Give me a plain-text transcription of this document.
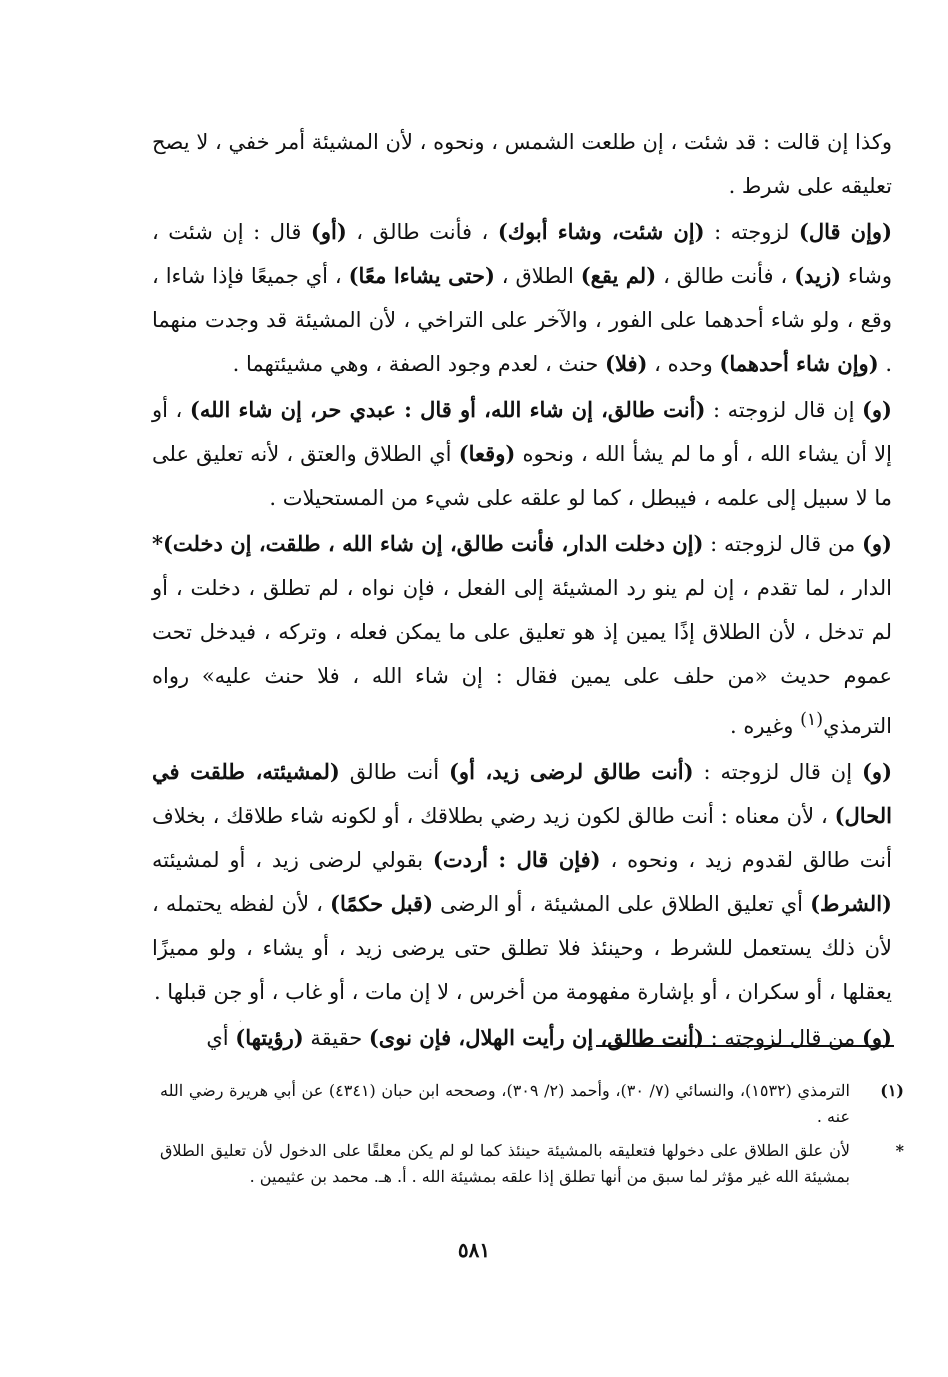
وكذا إن قالت : قد شئت ، إن طلعت الشمس ، ونحوه ، لأن المشيئة أمر خفي ، لا يصح تعليقه على شرط .

(وإن قال) لزوجته : (إن شئت، وشاء أبوك) ، فأنت طالق ، (أو) قال : إن شئت ، وشاء (زيد) ، فأنت طالق ، (لم يقع) الطلاق ، (حتى يشاءا معًا) ، أي جميعًا فإذا شاءا ، وقع ، ولو شاء أحدهما على الفور ، والآخر على التراخي ، لأن المشيئة قد وجدت منهما . (وإن شاء أحدهما) وحده ، (فلا) حنث ، لعدم وجود الصفة ، وهي مشيئتهما .

(و) إن قال لزوجته : (أنت طالق، إن شاء الله، أو قال : عبدي حر، إن شاء الله) ، أو إلا أن يشاء الله ، أو ما لم يشأ الله ، ونحوه (وقعا) أي الطلاق والعتق ، لأنه تعليق على ما لا سبيل إلى علمه ، فيبطل ، كما لو علقه على شيء من المستحيلات .

(و) من قال لزوجته : (إن دخلت الدار، فأنت طالق، إن شاء الله ، طلقت، إن دخلت)* الدار ، لما تقدم ، إن لم ينو رد المشيئة إلى الفعل ، فإن نواه ، لم تطلق ، دخلت ، أو لم تدخل ، لأن الطلاق إذًا يمين إذ هو تعليق على ما يمكن فعله ، وتركه ، فيدخل تحت عموم حديث «من حلف على يمين فقال : إن شاء الله ، فلا حنث عليه» رواه الترمذي$^{(١)}$ وغيره .

(و) إن قال لزوجته : (أنت طالق لرضى زيد، أو) أنت طالق (لمشيئته، طلقت في الحال) ، لأن معناه : أنت طالق لكون زيد رضي بطلاقك ، أو لكونه شاء طلاقك ، بخلاف أنت طالق لقدوم زيد ، ونحوه ، (فإن قال : أردت) بقولي لرضى زيد ، أو لمشيئته (الشرط) أي تعليق الطلاق على المشيئة ، أو الرضى (قبل حكمًا) ، لأن لفظه يحتمله ، لأن ذلك يستعمل للشرط ، وحينئذ فلا تطلق حتى يرضى زيد ، أو يشاء ، ولو مميزًا يعقلها ، أو سكران ، أو بإشارة مفهومة من أخرس ، لا إن مات ، أو غاب ، أو جن قبلها .

(و) من قال لزوجته : (أنت طالق، إن رأيت الهلال، فإن نوى) حقيقة (رؤيتها) أي

·
(١)
الترمذي (١٥٣٢)، والنسائي (٧/ ٣٠)، وأحمد (٢/ ٣٠٩)، وصححه ابن حبان (٤٣٤١) عن أبي هريرة رضي الله عنه .
*
لأن علق الطلاق على دخولها فتعليقه بالمشيئة حينئذ كما لو لم يكن معلقًا على الدخول لأن تعليق الطلاق بمشيئة الله غير مؤثر لما سبق من أنها تطلق إذا علقه بمشيئة الله . أ. هـ. محمد بن عثيمين .
٥٨١
